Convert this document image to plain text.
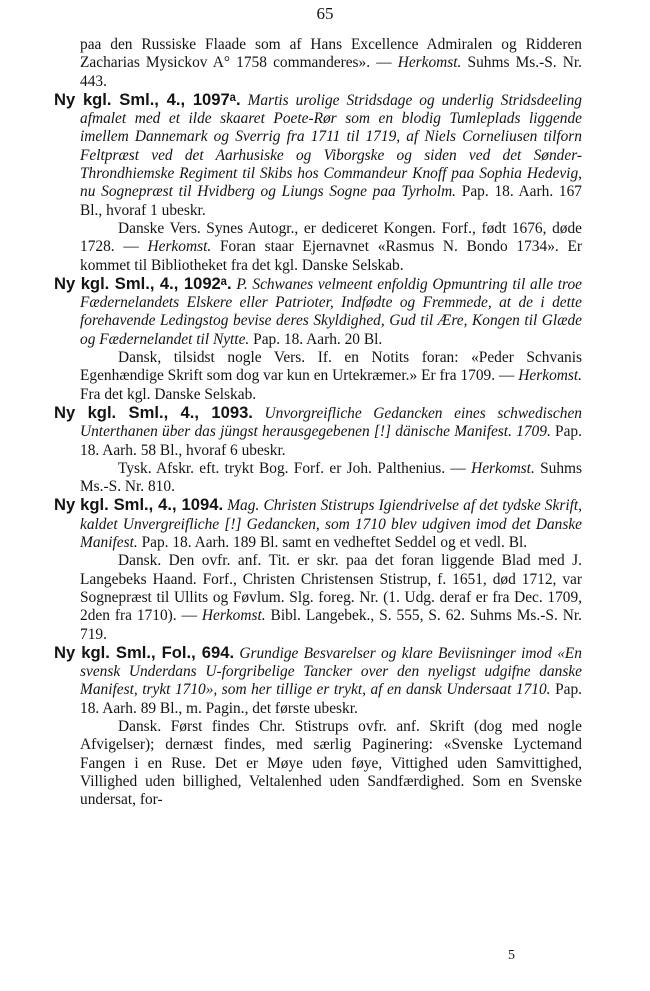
65

paa den Russiske Flaade som af Hans Excellence Admiralen og Ridderen Zacharias Mysickov A° 1758 commanderes». — Herkomst. Suhms Ms.-S. Nr. 443.

Ny kgl. Sml., 4., 1097ᵃ. Martis urolige Stridsdage og underlig Stridsdeeling afmalet med et ilde skaaret Poete-Rør som en blodig Tumleplads liggende imellem Dannemark og Sverrig fra 1711 til 1719, af Niels Corneliusen tilforn Feltpræst ved det Aarhusiske og Viborgske og siden ved det Sønder-Throndhiemske Regiment til Skibs hos Commandeur Knoff paa Sophia Hedevig, nu Sognepræst til Hvidberg og Liungs Sogne paa Tyrholm. Pap. 18. Aarh. 167 Bl., hvoraf 1 ubeskr.

Danske Vers. Synes Autogr., er dediceret Kongen. Forf., født 1676, døde 1728. — Herkomst. Foran staar Ejernavnet «Rasmus N. Bondo 1734». Er kommet til Bibliotheket fra det kgl. Danske Selskab.

Ny kgl. Sml., 4., 1092ᵃ. P. Schwanes velmeent enfoldig Opmuntring til alle troe Fædernelandets Elskere eller Patrioter, Indfødte og Fremmede, at de i dette forehavende Ledingstog bevise deres Skyldighed, Gud til Ære, Kongen til Glæde og Fædernelandet til Nytte. Pap. 18. Aarh. 20 Bl.

Dansk, tilsidst nogle Vers. If. en Notits foran: «Peder Schvanis Egenhændige Skrift som dog var kun en Urtekræmer.» Er fra 1709. — Herkomst. Fra det kgl. Danske Selskab.

Ny kgl. Sml., 4., 1093. Unvorgreifliche Gedancken eines schwedischen Unterthanen über das jüngst herausgegebenen [!] dänische Manifest. 1709. Pap. 18. Aarh. 58 Bl., hvoraf 6 ubeskr.

Tysk. Afskr. eft. trykt Bog. Forf. er Joh. Palthenius. — Herkomst. Suhms Ms.-S. Nr. 810.

Ny kgl. Sml., 4., 1094. Mag. Christen Stistrups Igiendrivelse af det tydske Skrift, kaldet Unvergreifliche [!] Gedancken, som 1710 blev udgiven imod det Danske Manifest. Pap. 18. Aarh. 189 Bl. samt en vedheftet Seddel og et vedl. Bl.

Dansk. Den ovfr. anf. Tit. er skr. paa det foran liggende Blad med J. Langebeks Haand. Forf., Christen Christensen Stistrup, f. 1651, død 1712, var Sognepræst til Ullits og Føvlum. Slg. foreg. Nr. (1. Udg. deraf er fra Dec. 1709, 2den fra 1710). — Herkomst. Bibl. Langebek., S. 555, S. 62. Suhms Ms.-S. Nr. 719.

Ny kgl. Sml., Fol., 694. Grundige Besvarelser og klare Beviisninger imod «En svensk Underdans U-forgribelige Tancker over den nyeligst udgifne danske Manifest, trykt 1710», som her tillige er trykt, af en dansk Undersaat 1710. Pap. 18. Aarh. 89 Bl., m. Pagin., det første ubeskr.

Dansk. Først findes Chr. Stistrups ovfr. anf. Skrift (dog med nogle Afvigelser); dernæst findes, med særlig Paginering: «Svenske Lyctemand Fangen i en Ruse. Det er Møye uden føye, Vittighed uden Samvittighed, Villighed uden billighed, Veltalenhed uden Sandfærdighed. Som en Svenske undersat, for-

5
